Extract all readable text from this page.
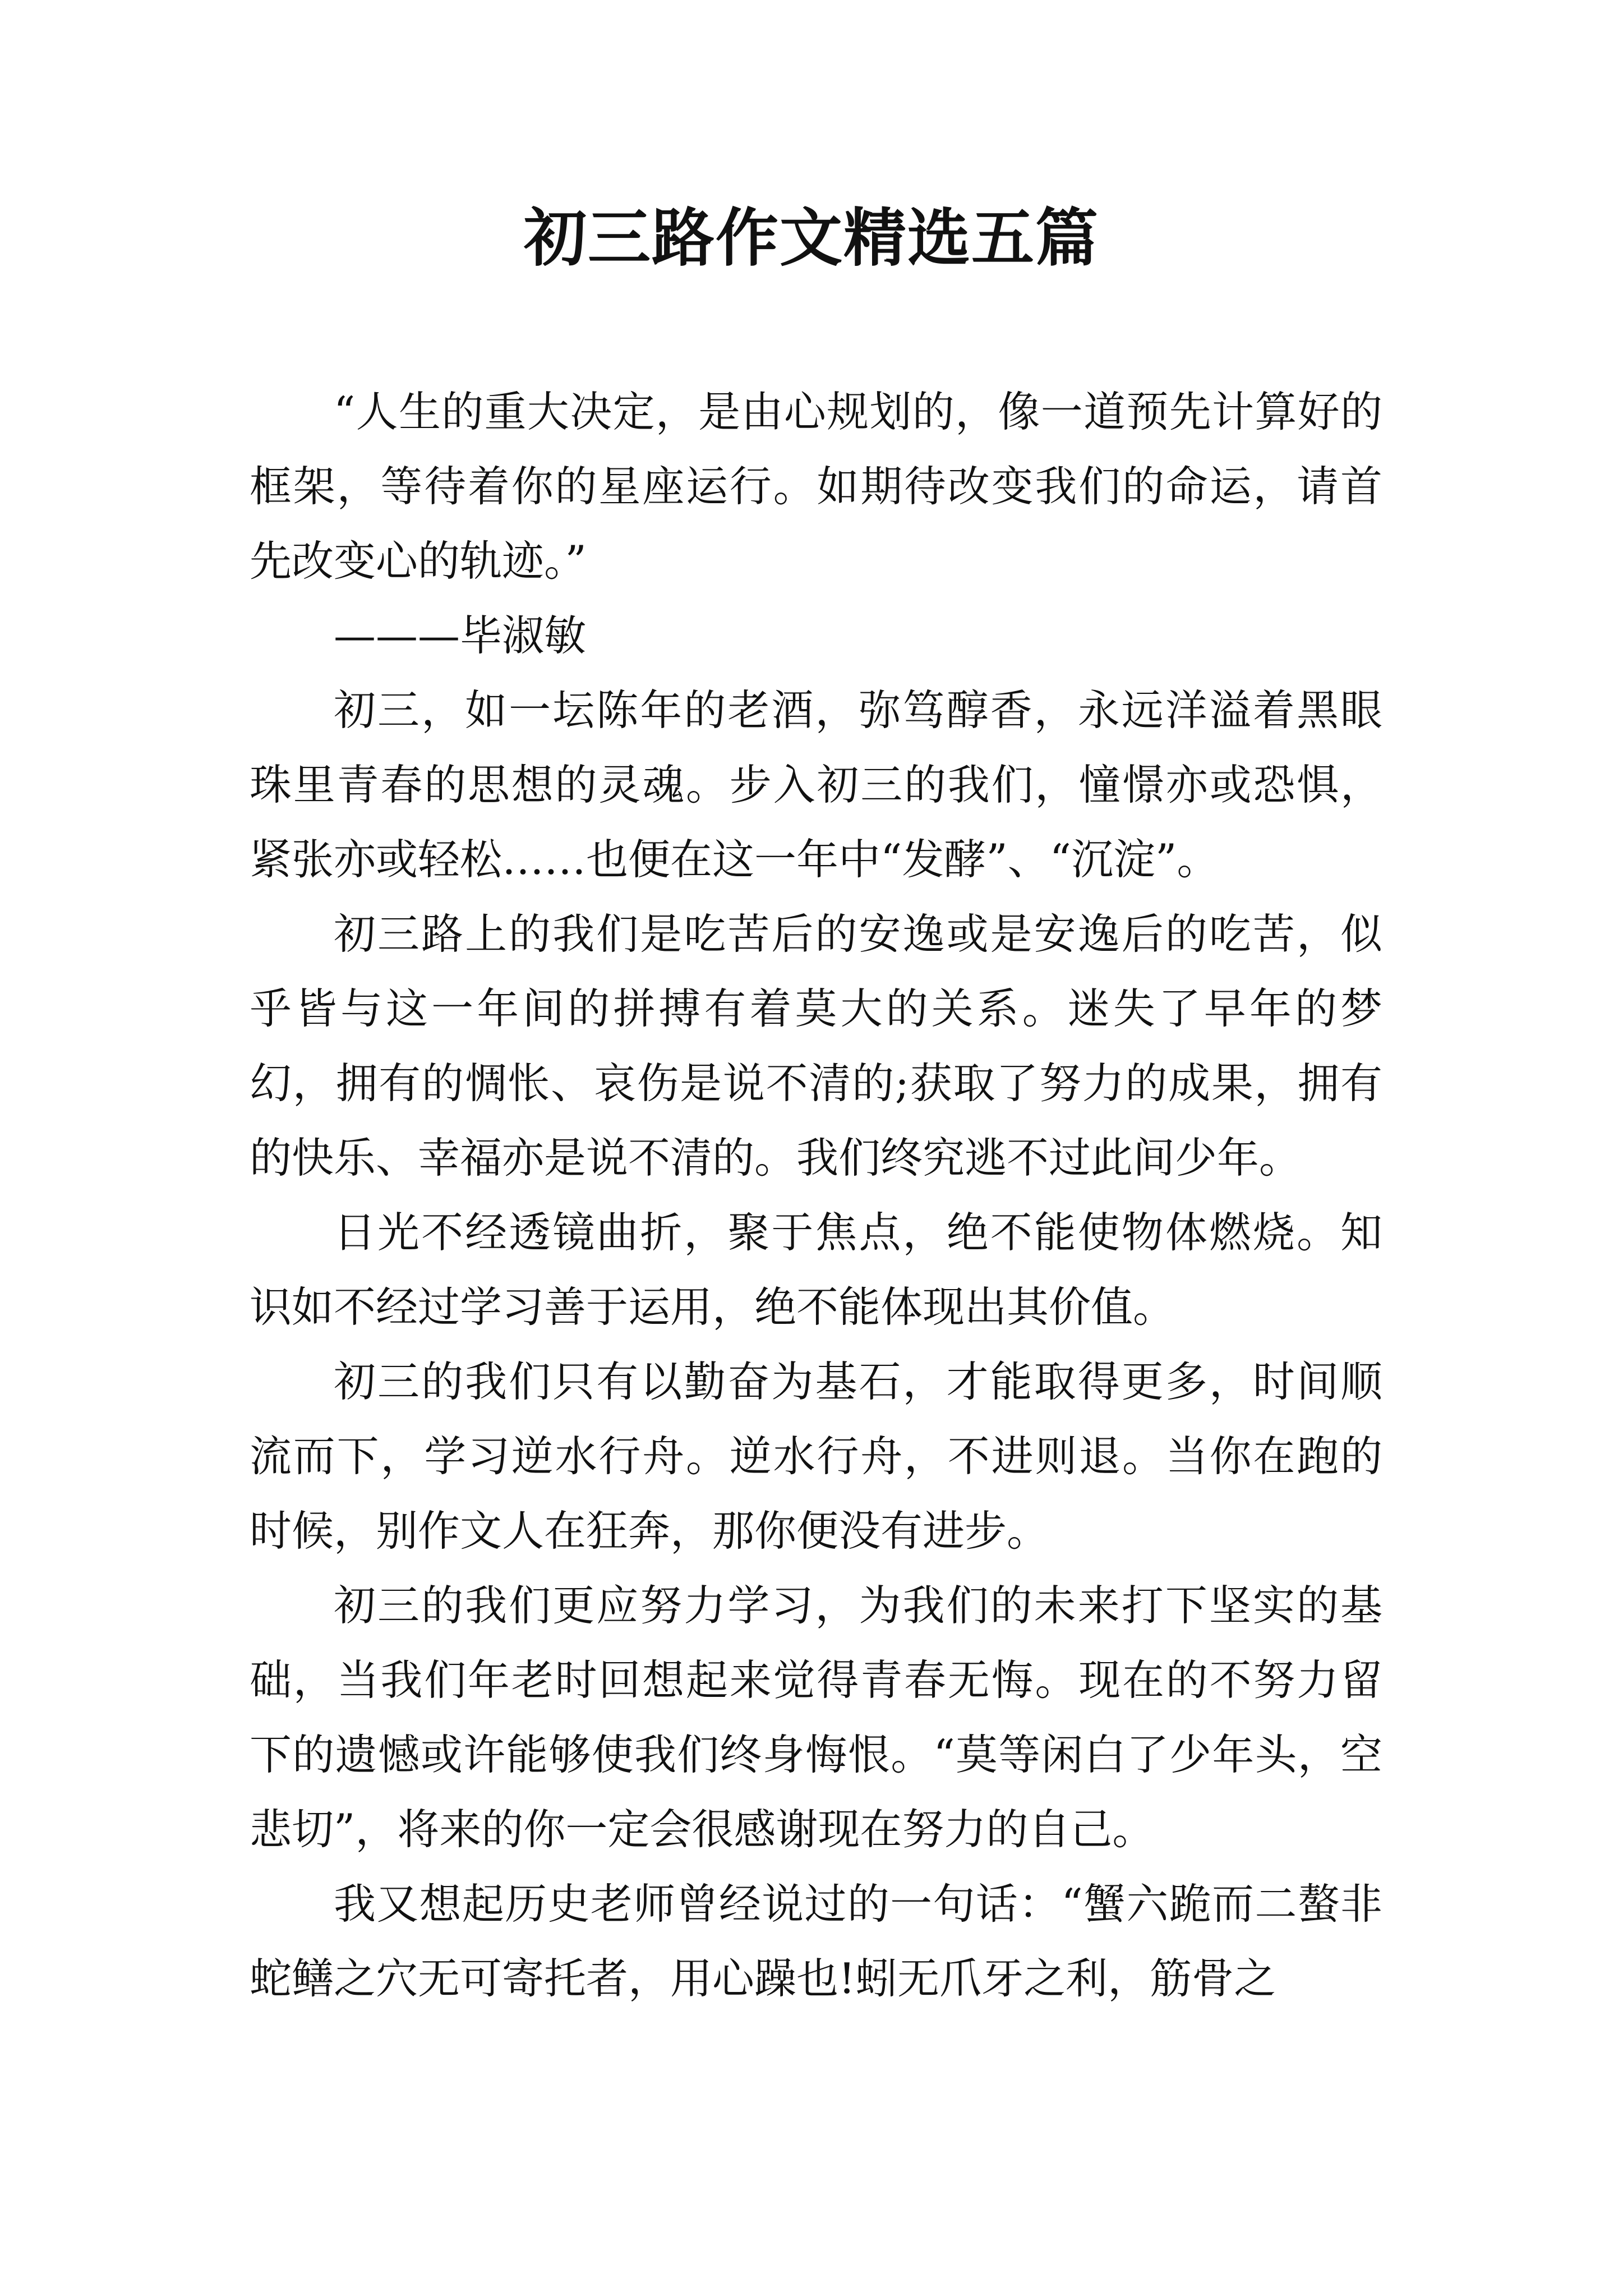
初三路作文精选五篇

“人生的重大决定，是由心规划的，像一道预先计算好的框架，等待着你的星座运行。如期待改变我们的命运，请首先改变心的轨迹。”

———毕淑敏

初三，如一坛陈年的老酒，弥笃醇香，永远洋溢着黑眼珠里青春的思想的灵魂。步入初三的我们，憧憬亦或恐惧，紧张亦或轻松……也便在这一年中“发酵”、“沉淀”。

初三路上的我们是吃苦后的安逸或是安逸后的吃苦，似乎皆与这一年间的拼搏有着莫大的关系。迷失了早年的梦幻，拥有的惆怅、哀伤是说不清的;获取了努力的成果，拥有的快乐、幸福亦是说不清的。我们终究逃不过此间少年。

日光不经透镜曲折，聚于焦点，绝不能使物体燃烧。知识如不经过学习善于运用，绝不能体现出其价值。

初三的我们只有以勤奋为基石，才能取得更多，时间顺流而下，学习逆水行舟。逆水行舟，不进则退。当你在跑的时候，别作文人在狂奔，那你便没有进步。

初三的我们更应努力学习，为我们的未来打下坚实的基础，当我们年老时回想起来觉得青春无悔。现在的不努力留下的遗憾或许能够使我们终身悔恨。“莫等闲白了少年头，空悲切”，将来的你一定会很感谢现在努力的自己。

我又想起历史老师曾经说过的一句话：“蟹六跪而二螯非蛇鳝之穴无可寄托者，用心躁也!蚓无爪牙之利，筋骨之
